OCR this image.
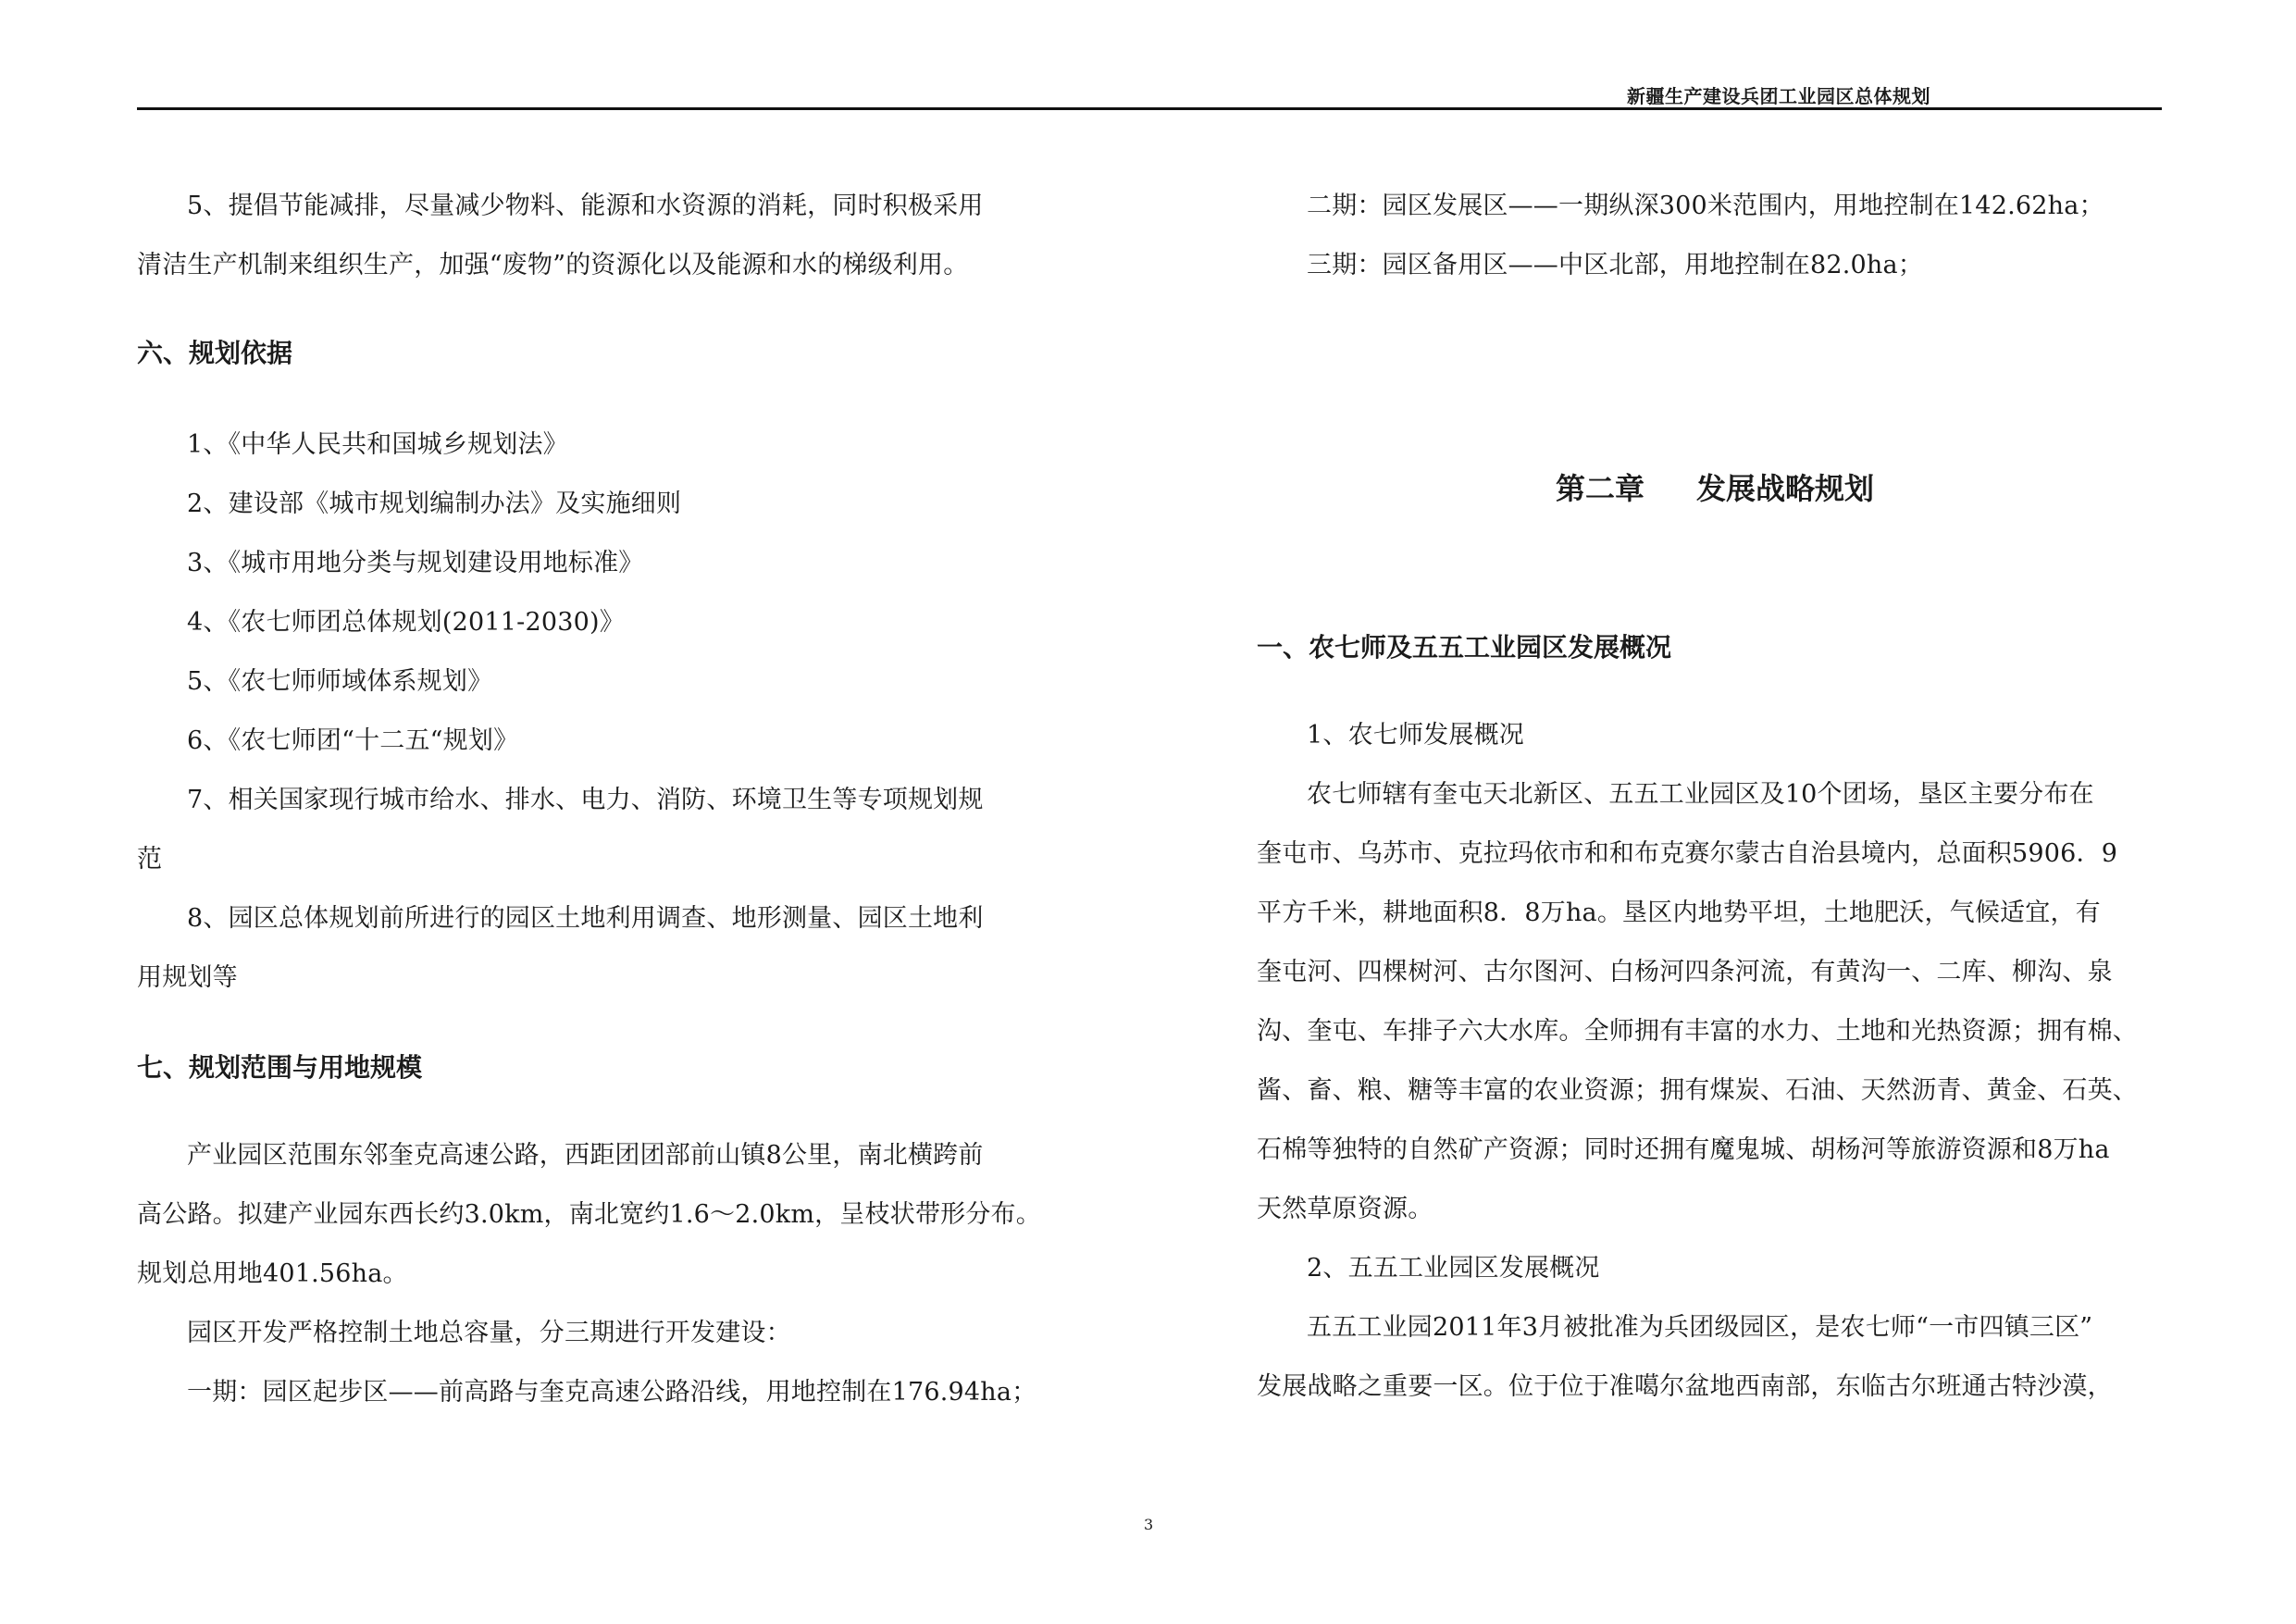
新疆生产建设兵团工业园区总体规划
5、提倡节能减排，尽量减少物料、能源和水资源的消耗，同时积极采用
清洁生产机制来组织生产，加强“废物”的资源化以及能源和水的梯级利用。
六、规划依据
1、《中华人民共和国城乡规划法》
2、建设部《城市规划编制办法》及实施细则
3、《城市用地分类与规划建设用地标准》
4、《农七师团总体规划(2011-2030)》
5、《农七师师域体系规划》
6、《农七师团“十二五“规划》
7、相关国家现行城市给水、排水、电力、消防、环境卫生等专项规划规
范
8、园区总体规划前所进行的园区土地利用调查、地形测量、园区土地利
用规划等
七、规划范围与用地规模
产业园区范围东邻奎克高速公路，西距团团部前山镇8公里，南北横跨前
高公路。拟建产业园东西长约3.0km，南北宽约1.6～2.0km，呈枝状带形分布。
规划总用地401.56ha。
园区开发严格控制土地总容量，分三期进行开发建设：
一期：园区起步区——前高路与奎克高速公路沿线，用地控制在176.94ha；
二期：园区发展区——一期纵深300米范围内，用地控制在142.62ha；
三期：园区备用区——中区北部，用地控制在82.0ha；
第二章 发展战略规划
一、农七师及五五工业园区发展概况
1、农七师发展概况
农七师辖有奎屯天北新区、五五工业园区及10个团场，垦区主要分布在
奎屯市、乌苏市、克拉玛依市和和布克赛尔蒙古自治县境内，总面积5906．9
平方千米，耕地面积8．8万ha。垦区内地势平坦，土地肥沃，气候适宜，有
奎屯河、四棵树河、古尔图河、白杨河四条河流，有黄沟一、二库、柳沟、泉
沟、奎屯、车排子六大水库。全师拥有丰富的水力、土地和光热资源；拥有棉、
酱、畜、粮、糖等丰富的农业资源；拥有煤炭、石油、天然沥青、黄金、石英、
石棉等独特的自然矿产资源；同时还拥有魔鬼城、胡杨河等旅游资源和8万ha
天然草原资源。
2、五五工业园区发展概况
五五工业园2011年3月被批准为兵团级园区，是农七师“一市四镇三区”
发展战略之重要一区。位于位于准噶尔盆地西南部，东临古尔班通古特沙漠，
3
